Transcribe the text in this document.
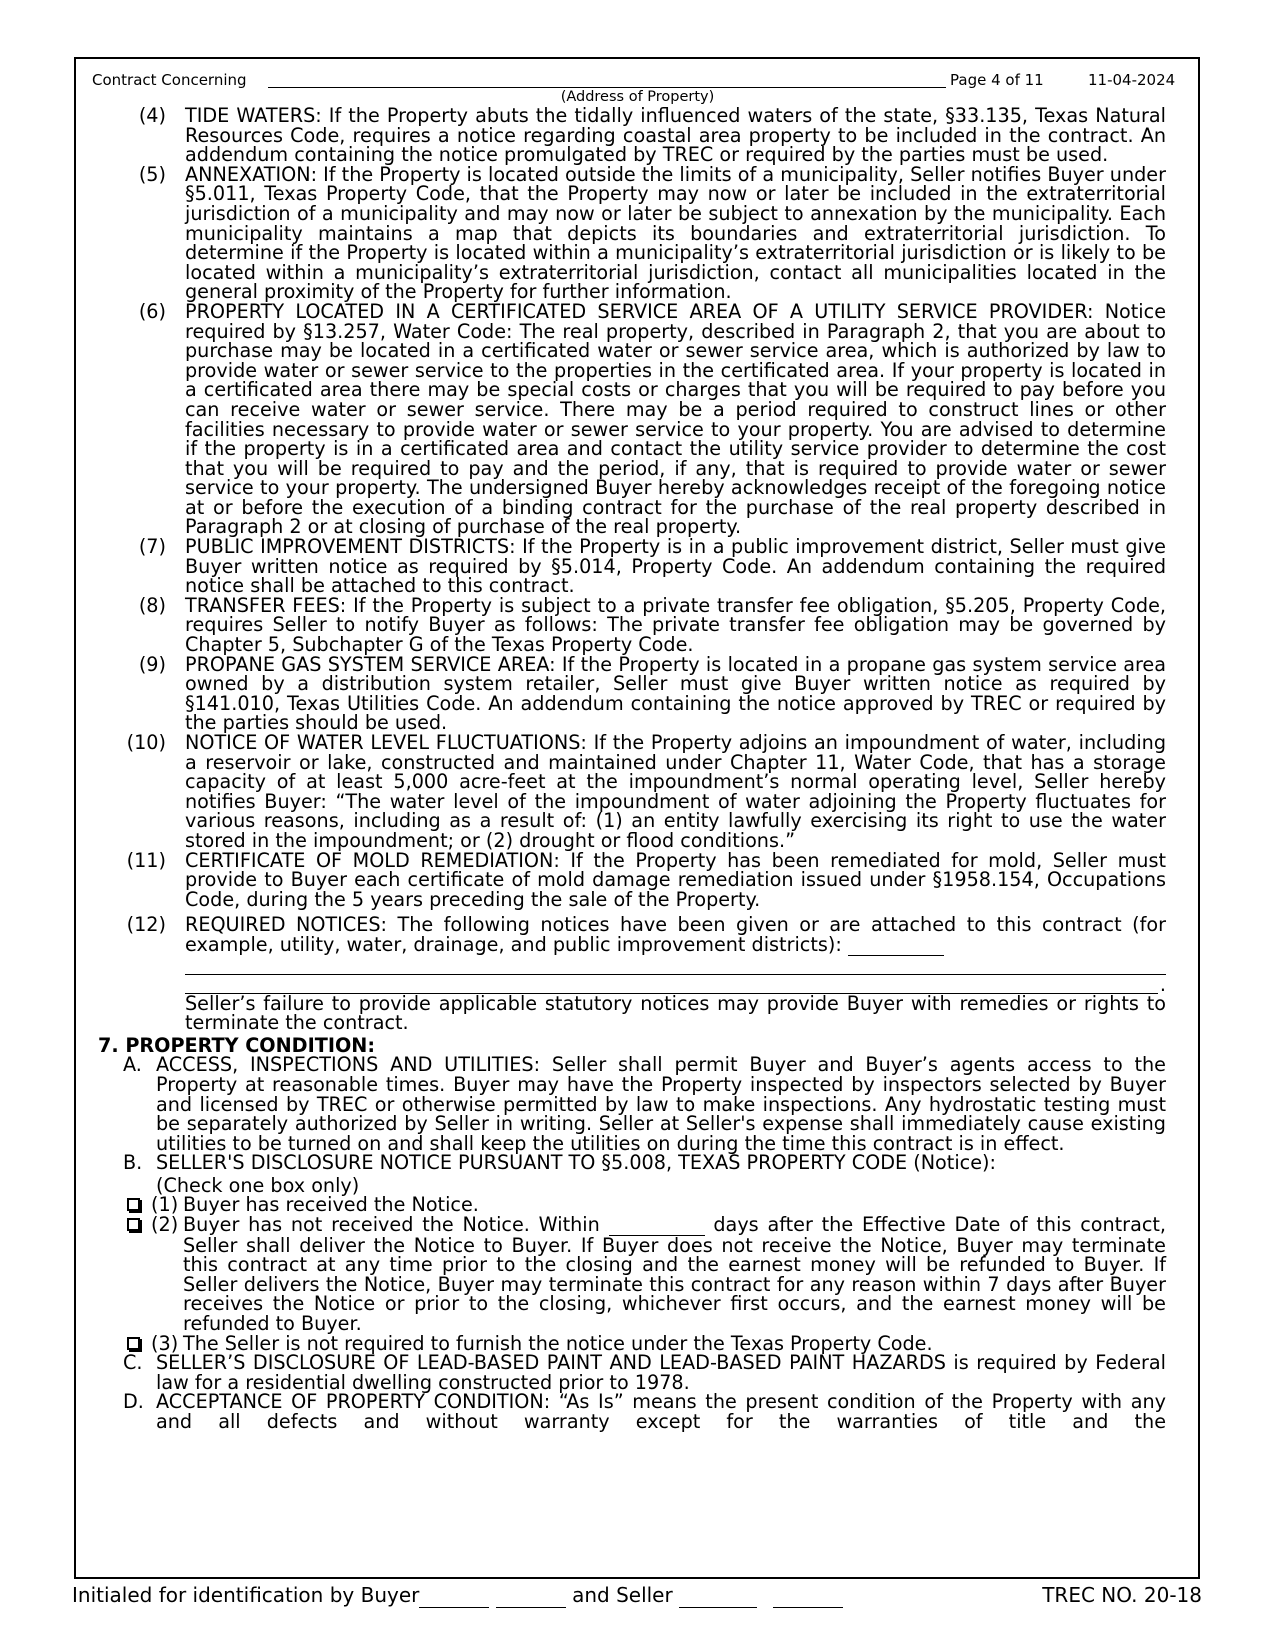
Contract Concerning	Page 4 of 11	11-04-2024
(Address of Property)
(4) TIDE WATERS: If the Property abuts the tidally influenced waters of the state, §33.135, Texas Natural Resources Code, requires a notice regarding coastal area property to be included in the contract. An addendum containing the notice promulgated by TREC or required by the parties must be used.

(5) ANNEXATION: If the Property is located outside the limits of a municipality, Seller notifies Buyer under §5.011, Texas Property Code, that the Property may now or later be included in the extraterritorial jurisdiction of a municipality and may now or later be subject to annexation by the municipality. Each municipality maintains a map that depicts its boundaries and extraterritorial jurisdiction. To determine if the Property is located within a municipality’s extraterritorial jurisdiction or is likely to be located within a municipality’s extraterritorial jurisdiction, contact all municipalities located in the general proximity of the Property for further information.

(6) PROPERTY LOCATED IN A CERTIFICATED SERVICE AREA OF A UTILITY SERVICE PROVIDER: Notice required by §13.257, Water Code: The real property, described in Paragraph 2, that you are about to purchase may be located in a certificated water or sewer service area, which is authorized by law to provide water or sewer service to the properties in the certificated area. If your property is located in a certificated area there may be special costs or charges that you will be required to pay before you can receive water or sewer service. There may be a period required to construct lines or other facilities necessary to provide water or sewer service to your property. You are advised to determine if the property is in a certificated area and contact the utility service provider to determine the cost that you will be required to pay and the period, if any, that is required to provide water or sewer service to your property. The undersigned Buyer hereby acknowledges receipt of the foregoing notice at or before the execution of a binding contract for the purchase of the real property described in Paragraph 2 or at closing of purchase of the real property.

(7) PUBLIC IMPROVEMENT DISTRICTS: If the Property is in a public improvement district, Seller must give Buyer written notice as required by §5.014, Property Code. An addendum containing the required notice shall be attached to this contract.

(8) TRANSFER FEES: If the Property is subject to a private transfer fee obligation, §5.205, Property Code, requires Seller to notify Buyer as follows: The private transfer fee obligation may be governed by Chapter 5, Subchapter G of the Texas Property Code.

(9) PROPANE GAS SYSTEM SERVICE AREA: If the Property is located in a propane gas system service area owned by a distribution system retailer, Seller must give Buyer written notice as required by §141.010, Texas Utilities Code. An addendum containing the notice approved by TREC or required by the parties should be used.

(10) NOTICE OF WATER LEVEL FLUCTUATIONS: If the Property adjoins an impoundment of water, including a reservoir or lake, constructed and maintained under Chapter 11, Water Code, that has a storage capacity of at least 5,000 acre-feet at the impoundment’s normal operating level, Seller hereby notifies Buyer: “The water level of the impoundment of water adjoining the Property fluctuates for various reasons, including as a result of: (1) an entity lawfully exercising its right to use the water stored in the impoundment; or (2) drought or flood conditions.”

(11) CERTIFICATE OF MOLD REMEDIATION: If the Property has been remediated for mold, Seller must provide to Buyer each certificate of mold damage remediation issued under §1958.154, Occupations Code, during the 5 years preceding the sale of the Property.

(12) REQUIRED NOTICES: The following notices have been given or are attached to this contract (for example, utility, water, drainage, and public improvement districts):

.

Seller’s failure to provide applicable statutory notices may provide Buyer with remedies or rights to terminate the contract.

7. PROPERTY CONDITION:
A. ACCESS, INSPECTIONS AND UTILITIES: Seller shall permit Buyer and Buyer’s agents access to the Property at reasonable times. Buyer may have the Property inspected by inspectors selected by Buyer and licensed by TREC or otherwise permitted by law to make inspections. Any hydrostatic testing must be separately authorized by Seller in writing. Seller at Seller's expense shall immediately cause existing utilities to be turned on and shall keep the utilities on during the time this contract is in effect.

B. SELLER'S DISCLOSURE NOTICE PURSUANT TO §5.008, TEXAS PROPERTY CODE (Notice):

(Check one box only)

(1) Buyer has received the Notice.

(2) Buyer has not received the Notice. Within	days after the Effective Date of this contract, Seller shall deliver the Notice to Buyer. If Buyer does not receive the Notice, Buyer may terminate this contract at any time prior to the closing and the earnest money will be refunded to Buyer. If Seller delivers the Notice, Buyer may terminate this contract for any reason within 7 days after Buyer receives the Notice or prior to the closing, whichever first occurs, and the earnest money will be refunded to Buyer.

(3) The Seller is not required to furnish the notice under the Texas Property Code.

C. SELLER’S DISCLOSURE OF LEAD-BASED PAINT AND LEAD-BASED PAINT HAZARDS is required by Federal law for a residential dwelling constructed prior to 1978.

D. ACCEPTANCE OF PROPERTY CONDITION: “As Is” means the present condition of the Property with any and all defects and without warranty except for the warranties of title and the

Initialed for identification by Buyer	and Seller	TREC NO. 20-18
